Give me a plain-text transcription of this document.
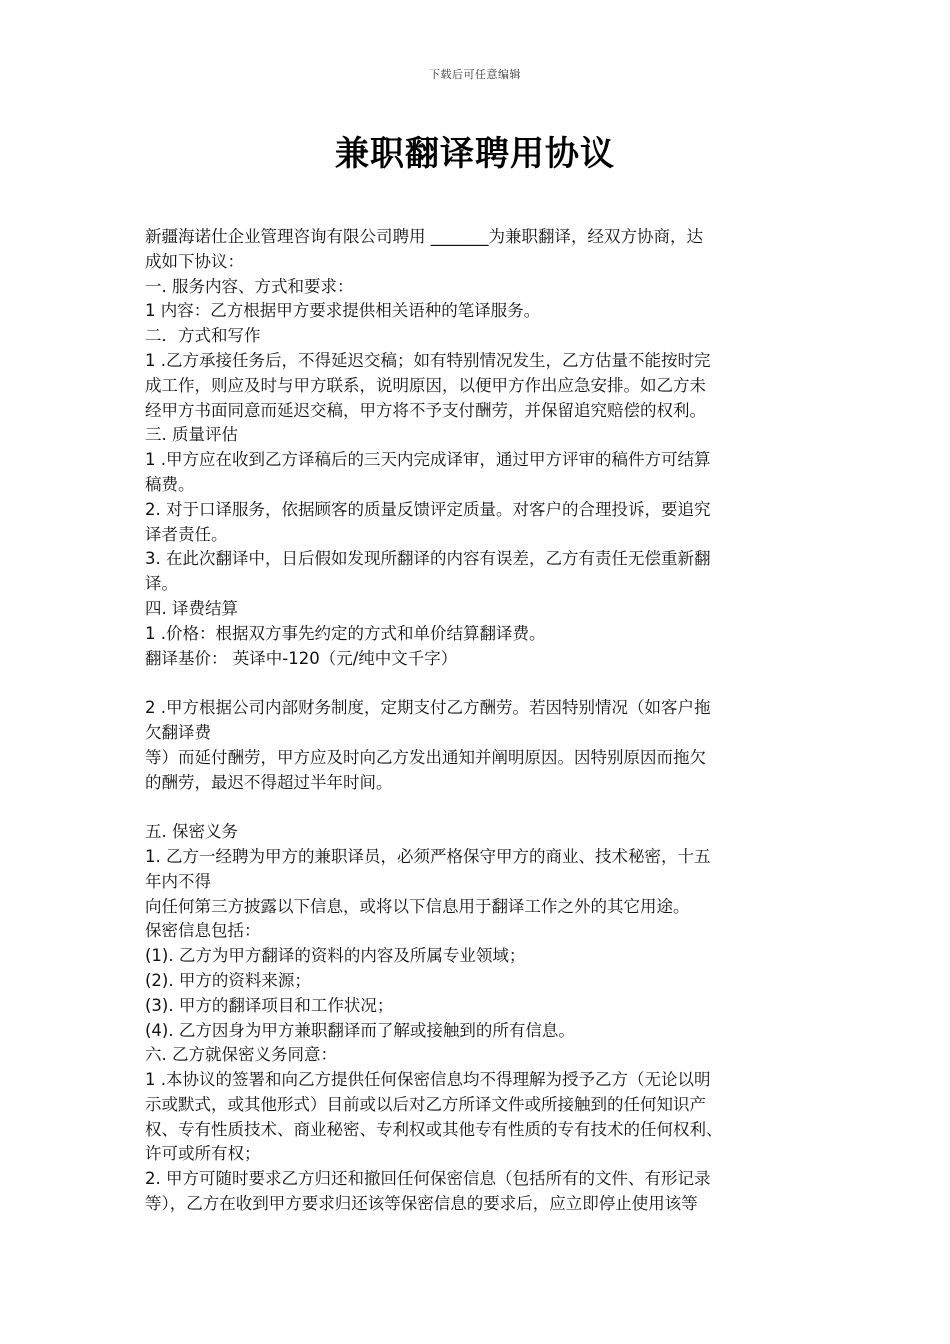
下载后可任意编辑
兼职翻译聘用协议
新疆海诺仕企业管理咨询有限公司聘用 _______为兼职翻译，经双方协商，达
成如下协议：
一. 服务内容、方式和要求：
1 内容：乙方根据甲方要求提供相关语种的笔译服务。
二．方式和写作
1 .乙方承接任务后，不得延迟交稿；如有特别情况发生，乙方估量不能按时完
成工作，则应及时与甲方联系，说明原因，以便甲方作出应急安排。如乙方未
经甲方书面同意而延迟交稿，甲方将不予支付酬劳，并保留追究赔偿的权利。
三. 质量评估
1 .甲方应在收到乙方译稿后的三天内完成译审，通过甲方评审的稿件方可结算
稿费。
2. 对于口译服务，依据顾客的质量反馈评定质量。对客户的合理投诉，要追究
译者责任。
3. 在此次翻译中，日后假如发现所翻译的内容有误差，乙方有责任无偿重新翻
译。
四. 译费结算
1 .价格：根据双方事先约定的方式和单价结算翻译费。
翻译基价： 英译中-120（元/纯中文千字）
2 .甲方根据公司内部财务制度，定期支付乙方酬劳。若因特别情况（如客户拖
欠翻译费
等）而延付酬劳，甲方应及时向乙方发出通知并阐明原因。因特别原因而拖欠
的酬劳，最迟不得超过半年时间。
五. 保密义务
1. 乙方一经聘为甲方的兼职译员，必须严格保守甲方的商业、技术秘密，十五
年内不得
向任何第三方披露以下信息，或将以下信息用于翻译工作之外的其它用途。
保密信息包括：
(1). 乙方为甲方翻译的资料的内容及所属专业领域；
(2). 甲方的资料来源；
(3). 甲方的翻译项目和工作状况；
(4). 乙方因身为甲方兼职翻译而了解或接触到的所有信息。
六. 乙方就保密义务同意：
1 .本协议的签署和向乙方提供任何保密信息均不得理解为授予乙方（无论以明
示或默式，或其他形式）目前或以后对乙方所译文件或所接触到的任何知识产
权、专有性质技术、商业秘密、专利权或其他专有性质的专有技术的任何权利、
许可或所有权；
2. 甲方可随时要求乙方归还和撤回任何保密信息（包括所有的文件、有形记录
等），乙方在收到甲方要求归还该等保密信息的要求后，应立即停止使用该等
